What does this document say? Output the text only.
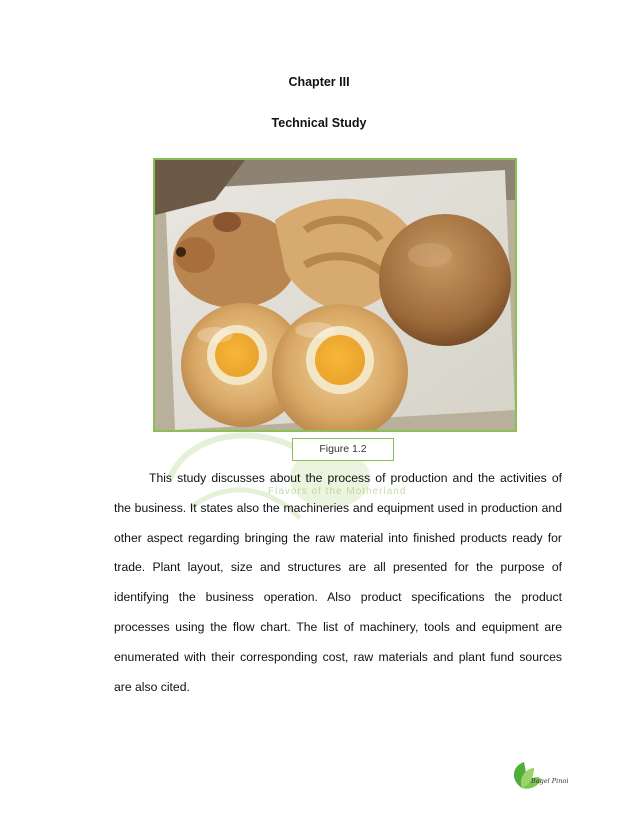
Chapter III
Technical Study
Flavors of the Motherland
Figure 1.2

This study discusses about the process of production and the activities of the business. It states also the machineries and equipment used in production and other aspect regarding bringing the raw material into finished products ready for trade. Plant layout, size and structures are all presented for the purpose of identifying the business operation. Also product specifications the product processes using the flow chart. The list of machinery, tools and equipment are enumerated with their corresponding cost, raw materials and plant fund sources are also cited.

Bagel Pinoi
